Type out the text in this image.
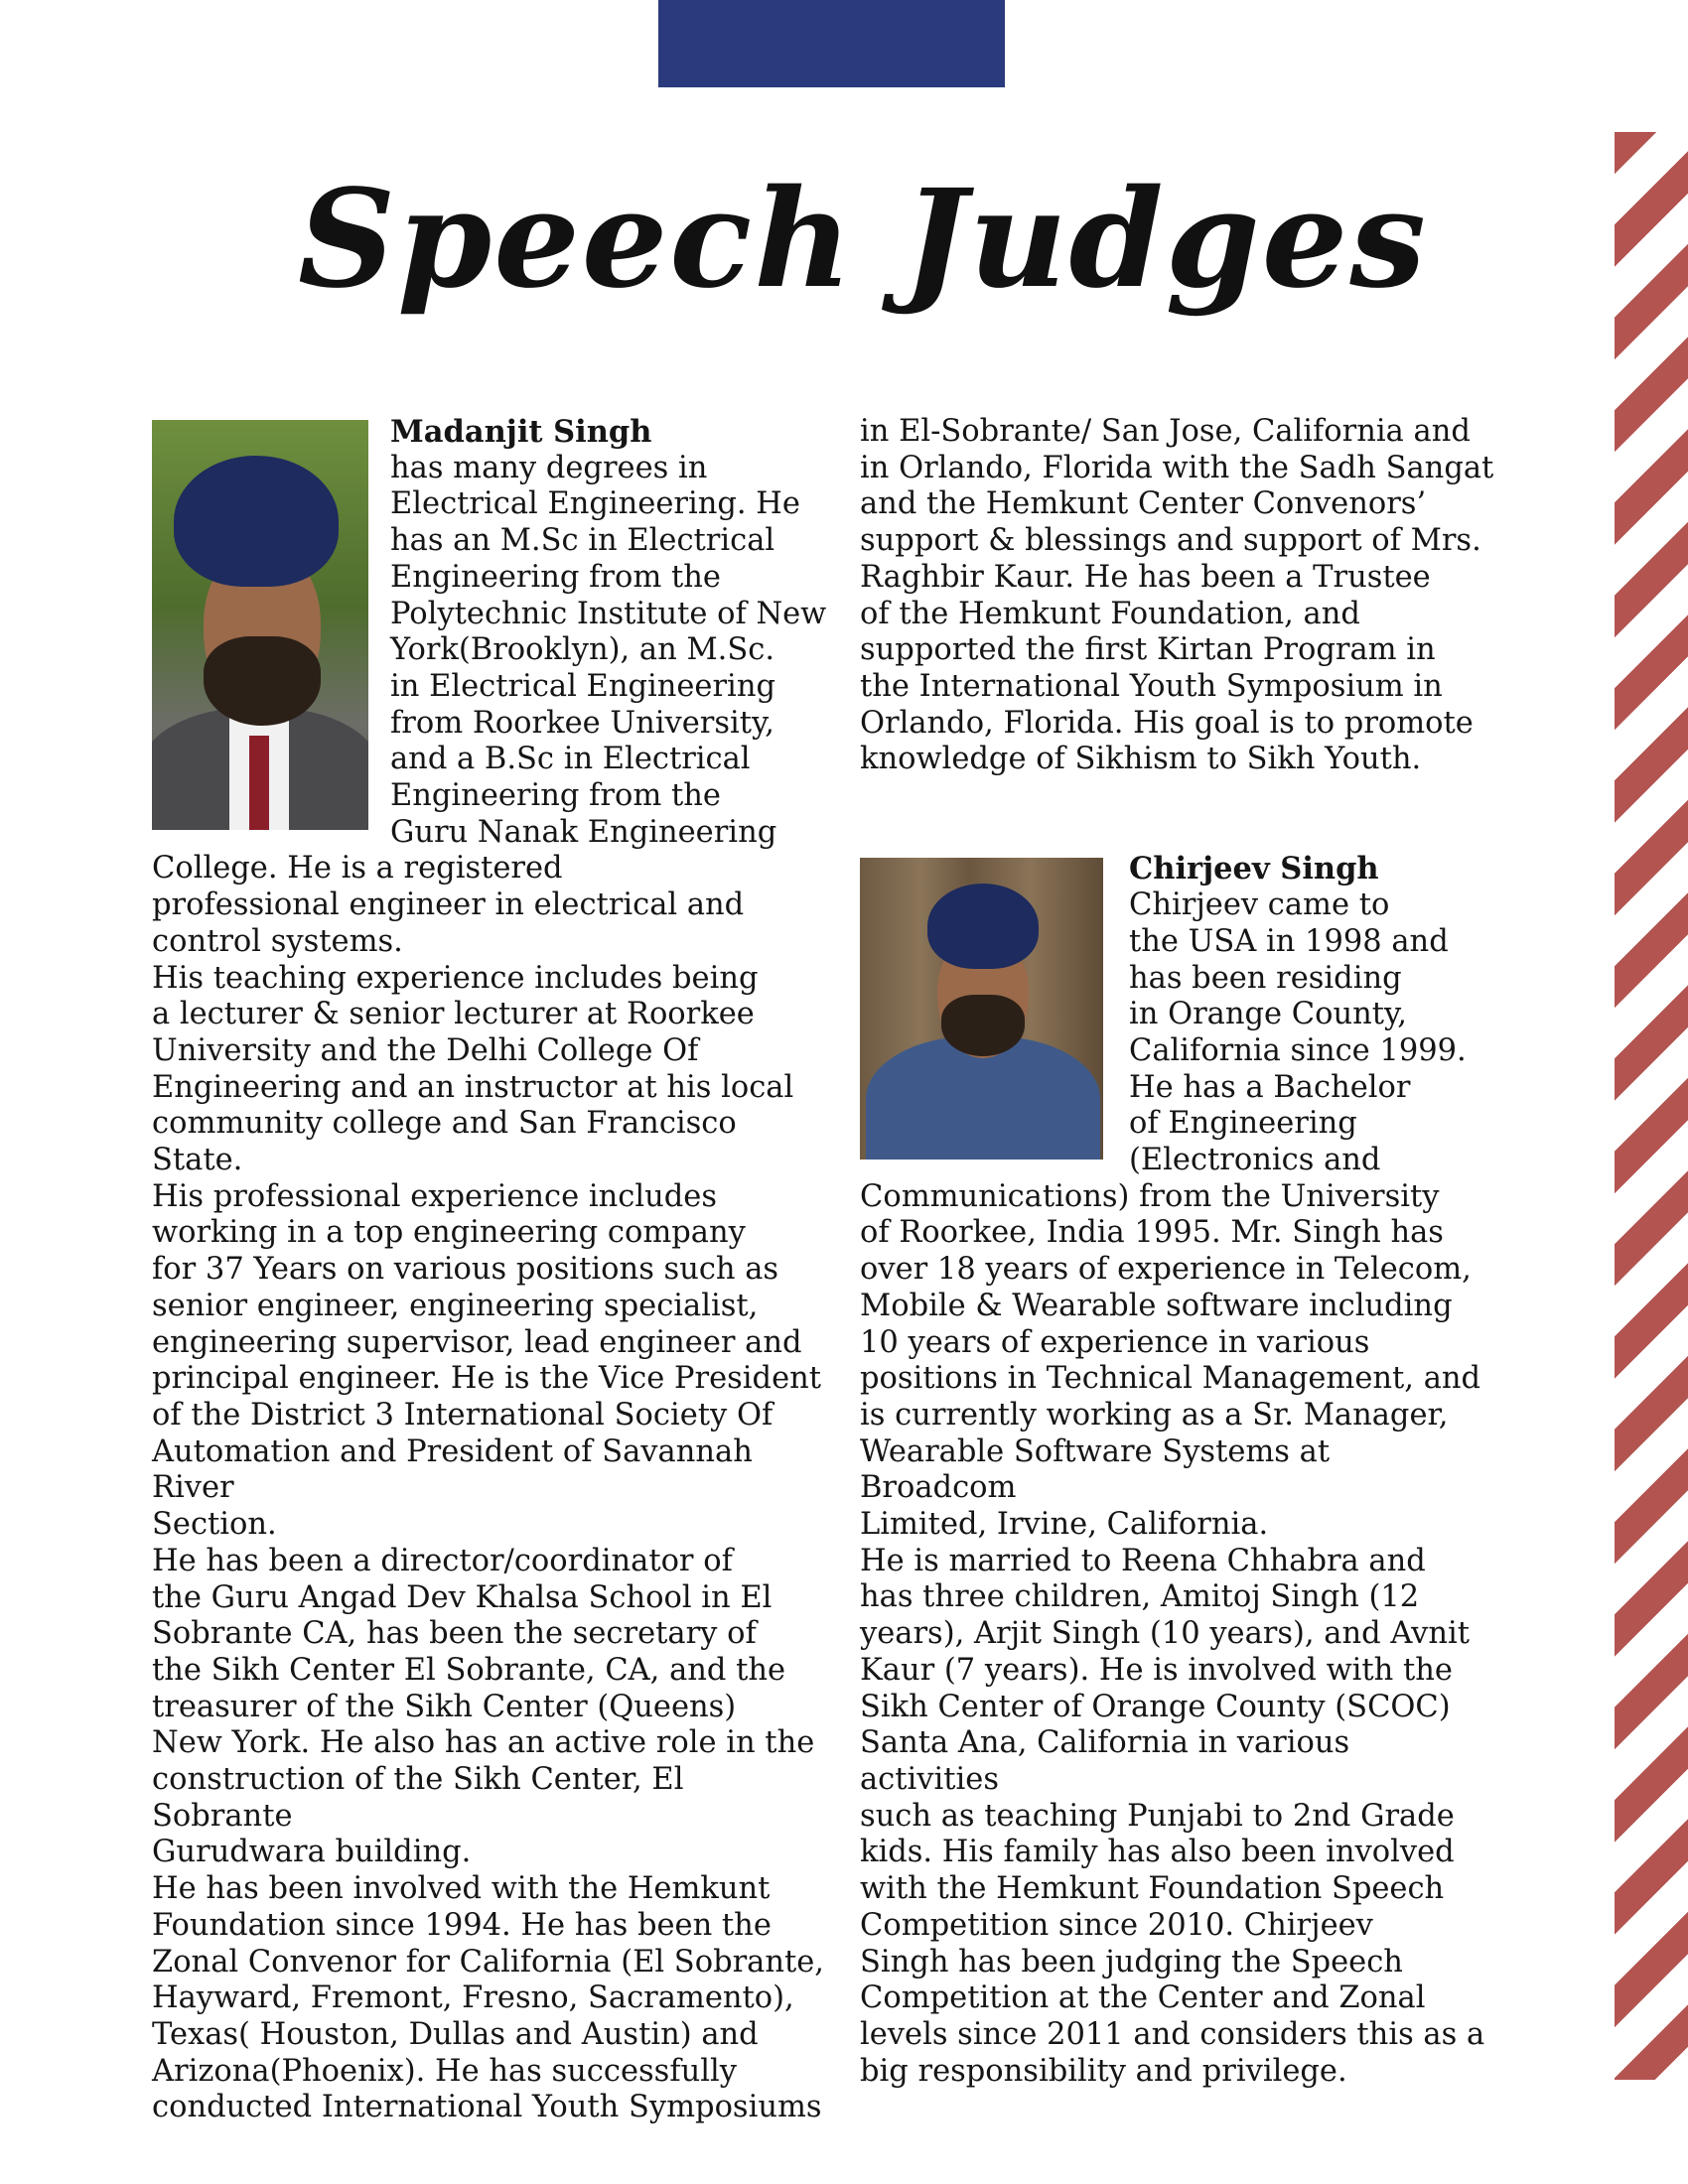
Speech Judges

Madanjit Singh

has many degrees in

Electrical Engineering. He

has an M.Sc in Electrical

Engineering from the

Polytechnic Institute of New

York(Brooklyn), an M.Sc.

in Electrical Engineering

from Roorkee University,

and a B.Sc in Electrical

Engineering from the

Guru Nanak Engineering

College. He is a registered

professional engineer in electrical and

control systems.

His teaching experience includes being

a lecturer & senior lecturer at Roorkee

University and the Delhi College Of

Engineering and an instructor at his local

community college and San Francisco State.

His professional experience includes

working in a top engineering company

for 37 Years on various positions such as

senior engineer, engineering specialist,

engineering supervisor, lead engineer and

principal engineer. He is the Vice President

of the District 3 International Society Of

Automation and President of Savannah River

Section.

He has been a director/coordinator of

the Guru Angad Dev Khalsa School in El

Sobrante CA, has been the secretary of

the Sikh Center El Sobrante, CA, and the

treasurer of the Sikh Center (Queens)

New York. He also has an active role in the

construction of the Sikh Center, El Sobrante

Gurudwara building.

He has been involved with the Hemkunt

Foundation since 1994. He has been the

Zonal Convenor for California (El Sobrante,

Hayward, Fremont, Fresno, Sacramento),

Texas( Houston, Dullas and Austin) and

Arizona(Phoenix). He has successfully

conducted International Youth Symposiums

in El-Sobrante/ San Jose, California and

in Orlando, Florida with the Sadh Sangat

and the Hemkunt Center Convenors’

support & blessings and support of Mrs.

Raghbir Kaur. He has been a Trustee

of the Hemkunt Foundation, and

supported the first Kirtan Program in

the International Youth Symposium in

Orlando, Florida. His goal is to promote

knowledge of Sikhism to Sikh Youth.

Chirjeev Singh

Chirjeev came to

the USA in 1998 and

has been residing

in Orange County,

California since 1999.

He has a Bachelor

of Engineering

(Electronics and

Communications) from the University

of Roorkee, India 1995. Mr. Singh has

over 18 years of experience in Telecom,

Mobile & Wearable software including

10 years of experience in various

positions in Technical Management, and

is currently working as a Sr. Manager,

Wearable Software Systems at Broadcom

Limited, Irvine, California.

He is married to Reena Chhabra and

has three children, Amitoj Singh (12

years), Arjit Singh (10 years), and Avnit

Kaur (7 years). He is involved with the

Sikh Center of Orange County (SCOC)

Santa Ana, California in various activities

such as teaching Punjabi to 2nd Grade

kids. His family has also been involved

with the Hemkunt Foundation Speech

Competition since 2010. Chirjeev

Singh has been judging the Speech

Competition at the Center and Zonal

levels since 2011 and considers this as a

big responsibility and privilege.
